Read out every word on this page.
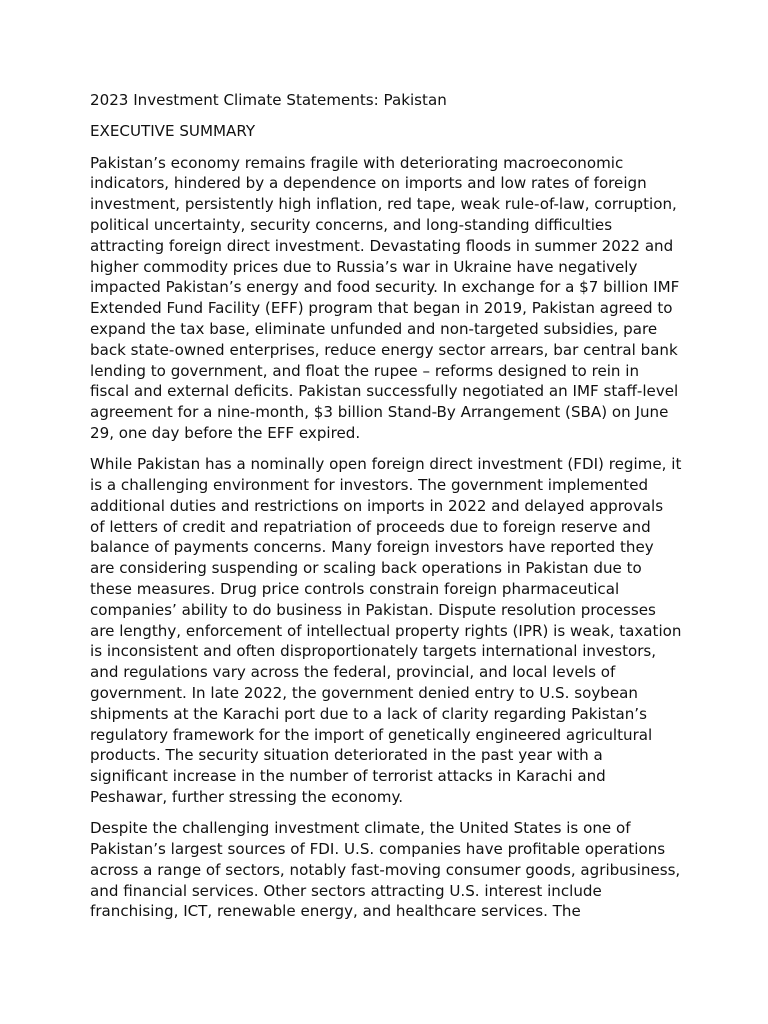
2023 Investment Climate Statements: Pakistan
EXECUTIVE SUMMARY

Pakistan’s economy remains fragile with deteriorating macroeconomic indicators, hindered by a dependence on imports and low rates of foreign investment, persistently high inflation, red tape, weak rule-of-law, corruption, political uncertainty, security concerns, and long-standing difficulties attracting foreign direct investment. Devastating floods in summer 2022 and higher commodity prices due to Russia’s war in Ukraine have negatively impacted Pakistan’s energy and food security. In exchange for a $7 billion IMF Extended Fund Facility (EFF) program that began in 2019, Pakistan agreed to expand the tax base, eliminate unfunded and non-targeted subsidies, pare back state-owned enterprises, reduce energy sector arrears, bar central bank lending to government, and float the rupee – reforms designed to rein in fiscal and external deficits. Pakistan successfully negotiated an IMF staff-level agreement for a nine-month, $3 billion Stand-By Arrangement (SBA) on June 29, one day before the EFF expired.

While Pakistan has a nominally open foreign direct investment (FDI) regime, it is a challenging environment for investors. The government implemented additional duties and restrictions on imports in 2022 and delayed approvals of letters of credit and repatriation of proceeds due to foreign reserve and balance of payments concerns. Many foreign investors have reported they are considering suspending or scaling back operations in Pakistan due to these measures. Drug price controls constrain foreign pharmaceutical companies’ ability to do business in Pakistan. Dispute resolution processes are lengthy, enforcement of intellectual property rights (IPR) is weak, taxation is inconsistent and often disproportionately targets international investors, and regulations vary across the federal, provincial, and local levels of government. In late 2022, the government denied entry to U.S. soybean shipments at the Karachi port due to a lack of clarity regarding Pakistan’s regulatory framework for the import of genetically engineered agricultural products. The security situation deteriorated in the past year with a significant increase in the number of terrorist attacks in Karachi and Peshawar, further stressing the economy.

Despite the challenging investment climate, the United States is one of Pakistan’s largest sources of FDI. U.S. companies have profitable operations across a range of sectors, notably fast-moving consumer goods, agribusiness, and financial services. Other sectors attracting U.S. interest include franchising, ICT, renewable energy, and healthcare services. The
